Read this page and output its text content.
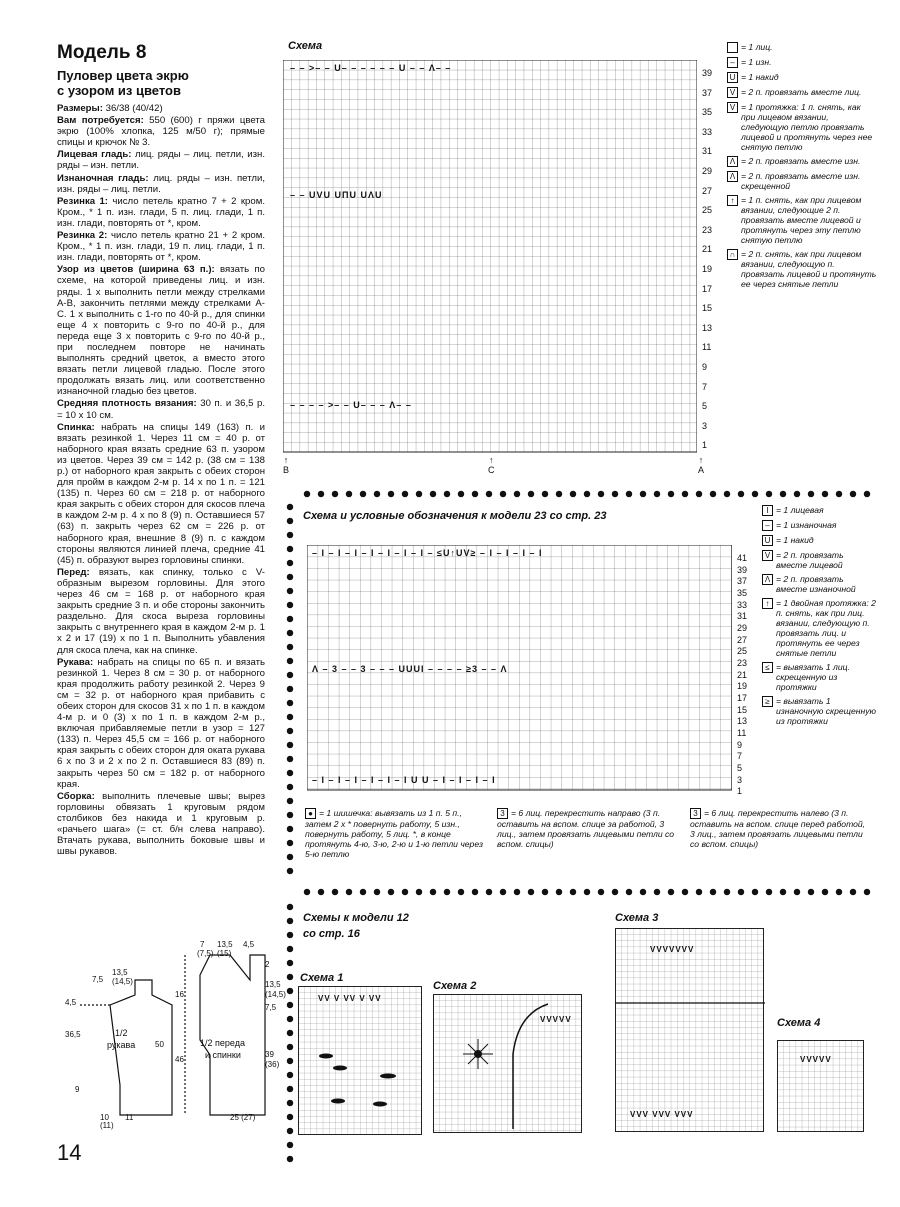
Модель 8
Пуловер цвета экрю
с узором из цветов

Размеры: 36/38 (40/42)

Вам потребуется: 550 (600) г пряжи цвета экрю (100% хлопка, 125 м/50 г); прямые спицы и крючок № 3.

Лицевая гладь: лиц. ряды – лиц. петли, изн. ряды – изн. петли.

Изнаночная гладь: лиц. ряды – изн. петли, изн. ряды – лиц. петли.

Резинка 1: число петель кратно 7 + 2 кром. Кром., * 1 п. изн. глади, 5 п. лиц. глади, 1 п. изн. глади, повторять от *, кром.

Резинка 2: число петель кратно 21 + 2 кром. Кром., * 1 п. изн. глади, 19 п. лиц. глади, 1 п. изн. глади, повторять от *, кром.

Узор из цветов (ширина 63 п.): вязать по схеме, на которой приведены лиц. и изн. ряды. 1 х выполнить петли между стрелками А-В, закончить петлями между стрелками А-С. 1 х выполнить с 1-го по 40-й р., для спинки еще 4 х повторить с 9-го по 40-й р., для переда еще 3 х повторить с 9-го по 40-й р., при последнем повторе не начинать выполнять средний цветок, а вместо этого вязать петли лицевой гладью. После этого продолжать вязать лиц. или соответственно изнаночной гладью без цветов.

Средняя плотность вязания: 30 п. и 36,5 р. = 10 х 10 см.

Спинка: набрать на спицы 149 (163) п. и вязать резинкой 1. Через 11 см = 40 р. от наборного края вязать средние 63 п. узором из цветов. Через 39 см = 142 р. (38 см = 138 р.) от наборного края закрыть с обеих сторон для пройм в каждом 2-м р. 14 х по 1 п. = 121 (135) п. Через 60 см = 218 р. от наборного края закрыть с обеих сторон для скосов плеча в каждом 2-м р. 4 х по 8 (9) п. Оставшиеся 57 (63) п. закрыть через 62 см = 226 р. от наборного края, внешние 8 (9) п. с каждом стороны являются линией плеча, средние 41 (45) п. образуют вырез горловины спинки.

Перед: вязать, как спинку, только с V-образным вырезом горловины. Для этого через 46 см = 168 р. от наборного края закрыть средние 3 п. и обе стороны закончить раздельно. Для скоса выреза горловины закрыть с внутреннего края в каждом 2-м р. 1 х 2 и 17 (19) х по 1 п. Выполнить убавления для скоса плеча, как на спинке.

Рукава: набрать на спицы по 65 п. и вязать резинкой 1. Через 8 см = 30 р. от наборного края продолжить работу резинкой 2. Через 9 см = 32 р. от наборного края прибавить с обеих сторон для скосов 31 х по 1 п. в каждом 4-м р. и 0 (3) х по 1 п. в каждом 2-м р., включая прибавляемые петли в узор = 127 (133) п. Через 45,5 см = 166 р. от наборного края закрыть с обеих сторон для оката рукава 6 х по 3 и 2 х по 2 п. Оставшиеся 83 (89) п. закрыть через 50 см = 182 р. от наборного края.

Сборка: выполнить плечевые швы; вырез горловины обвязать 1 круговым рядом столбиков без накида и 1 круговым р. «рачьего шага» (= ст. б/н слева направо). Втачать рукава, выполнить боковые швы и швы рукавов.

14
1/2
рукава	1/2 переда
и спинки
7,5
13,5
(14,5)
4,5
36,5
9
10
(11)
11
50
16
46
7
(7,5)
13,5
(15)
4,5
2
13,5
(14,5)
7,5
39
(36)
25 (27)
Схема
39
37
35
33
31
29
27
25
23
21
19
17
15
13
11
9
7
5
3
1
↑
B
↑
C
↑
A
– – >– – U– – – – – – U – – Λ– –
– – UVU UΠU UΛU
– – – – >– – U– – – Λ– –
= 1 лиц.
– = 1 изн.
U = 1 накид
V = 2 п. провязать вместе лиц.
V = 1 протяжка: 1 п. снять, как при лицевом вязании, следующую петлю провязать лицевой и протянуть через нее снятую петлю
Λ = 2 п. провязать вместе изн.
Λ = 2 п. провязать вместе изн. скрещенной
↑ = 1 п. снять, как при лицевом вязании, следующие 2 п. провязать вместе лицевой и протянуть через эту петлю снятую петлю
∩ = 2 п. снять, как при лицевом вязании, следующую п. провязать лицевой и протянуть ее через снятые петли
Схема и условные обозначения к модели 23 со стр. 23
41
39
37
35
33
31
29
27
25
23
21
19
17
15
13
11
9
7
5
3
1
– I – I – I – I – I – I – I – ≤U↑UV≥ – I – I – I – I
Λ – 3 – – 3 – – – UUUI – – – – ≥3 – – Λ
– I – I – I – I – I – I U U – I – I – I – I
I = 1 лицевая
– = 1 изнаночная
U = 1 накид
V = 2 п. провязать вместе лицевой
Λ = 2 п. провязать вместе изнаночной
↑ = 1 двойная протяжка: 2 п. снять, как при лиц. вязании, следующую п. провязать лиц. и протянуть ее через снятые петли
≤ = вывязать 1 лиц. скрещенную из протяжки
≥ = вывязать 1 изнаночную скрещенную из протяжки
● = 1 шишечка: вывязать из 1 п. 5 п., затем 2 х * повернуть работу, 5 изн., повернуть работу, 5 лиц. *, в конце протянуть 4-ю, 3-ю, 2-ю и 1-ю петли через 5-ю петлю
3 = 6 лиц. перекрестить направо (3 п. оставить на вспом. спице за работой, 3 лиц., затем провязать лицевыми петли со вспом. спицы)
3 = 6 лиц. перекрестить налево (3 п. оставить на вспом. спице перед работой, 3 лиц., затем провязать лицевыми петли со вспом. спицы)
Схемы к модели 12
со стр. 16
Схема 1
VV V VV V VV
Схема 2
VVVVV
Схема 3
VVVVVVV
VVV VVV VVV
Схема 4
VVVVV
